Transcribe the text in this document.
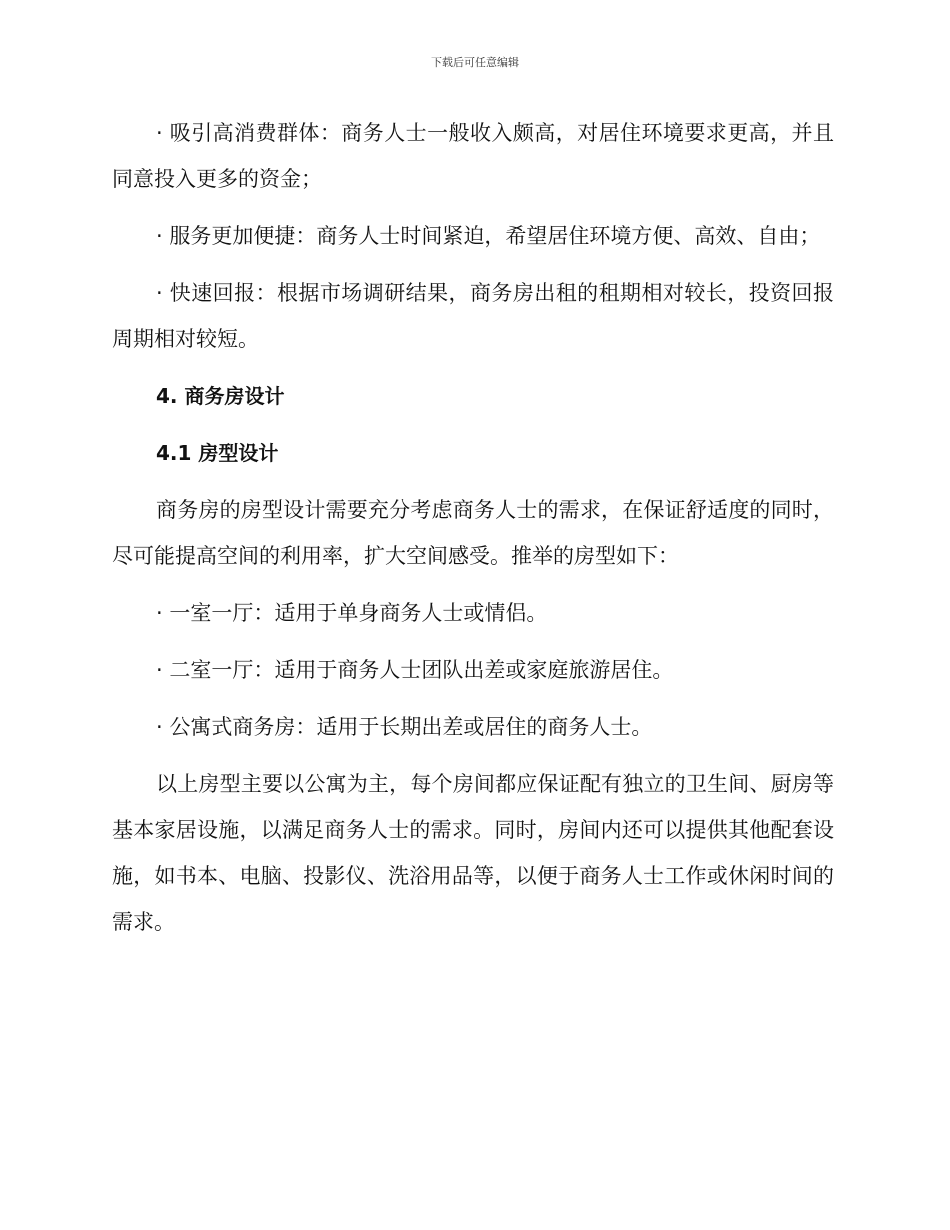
下载后可任意编辑

· 吸引高消费群体：商务人士一般收入颇高，对居住环境要求更高，并且同意投入更多的资金；

· 服务更加便捷：商务人士时间紧迫，希望居住环境方便、高效、自由；

· 快速回报：根据市场调研结果，商务房出租的租期相对较长，投资回报周期相对较短。

4. 商务房设计

4.1 房型设计

商务房的房型设计需要充分考虑商务人士的需求，在保证舒适度的同时，尽可能提高空间的利用率，扩大空间感受。推举的房型如下：

· 一室一厅：适用于单身商务人士或情侣。

· 二室一厅：适用于商务人士团队出差或家庭旅游居住。

· 公寓式商务房：适用于长期出差或居住的商务人士。

以上房型主要以公寓为主，每个房间都应保证配有独立的卫生间、厨房等基本家居设施，以满足商务人士的需求。同时，房间内还可以提供其他配套设施，如书本、电脑、投影仪、洗浴用品等，以便于商务人士工作或休闲时间的需求。
